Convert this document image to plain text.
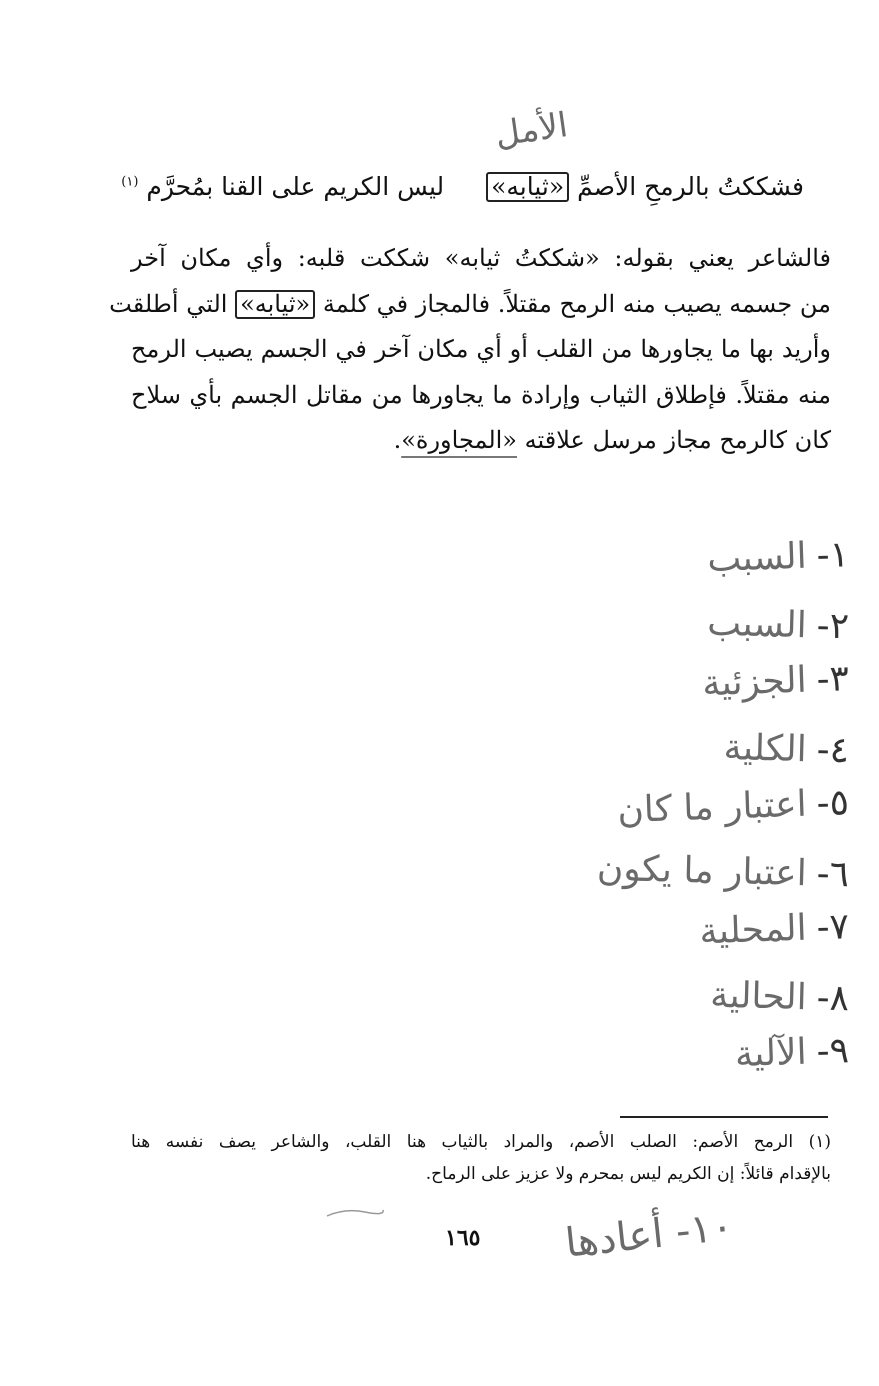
الأمل
فشككتُ بالرمحِ الأصمِّ «ثيابه»  ليس الكريم على القنا بمُحرَّم $^{(١)}$
فالشاعر يعني بقوله: «شككتُ ثيابه» شككت قلبه: وأي مكان آخر
من جسمه يصيب منه الرمح مقتلاً. فالمجاز في كلمة «ثيابه» التي أطلقت
وأريد بها ما يجاورها من القلب أو أي مكان آخر في الجسم يصيب الرمح
منه مقتلاً. فإطلاق الثياب وإرادة ما يجاورها من مقاتل الجسم بأي سلاح
كان كالرمح مجاز مرسل علاقته «المجاورة».
١-السبب
٢-السبب
٣-الجزئية
٤-الكلية
٥-اعتبار ما كان
٦-اعتبار ما يكون
٧-المحلية
٨-الحالية
٩-الآلية
(١) الرمح الأصم: الصلب الأصم، والمراد بالثياب هنا القلب، والشاعر يصف نفسه هنا
بالإقدام قائلاً: إن الكريم ليس بمحرم ولا عزيز على الرماح.
١٦٥ ١٠- أعادها
